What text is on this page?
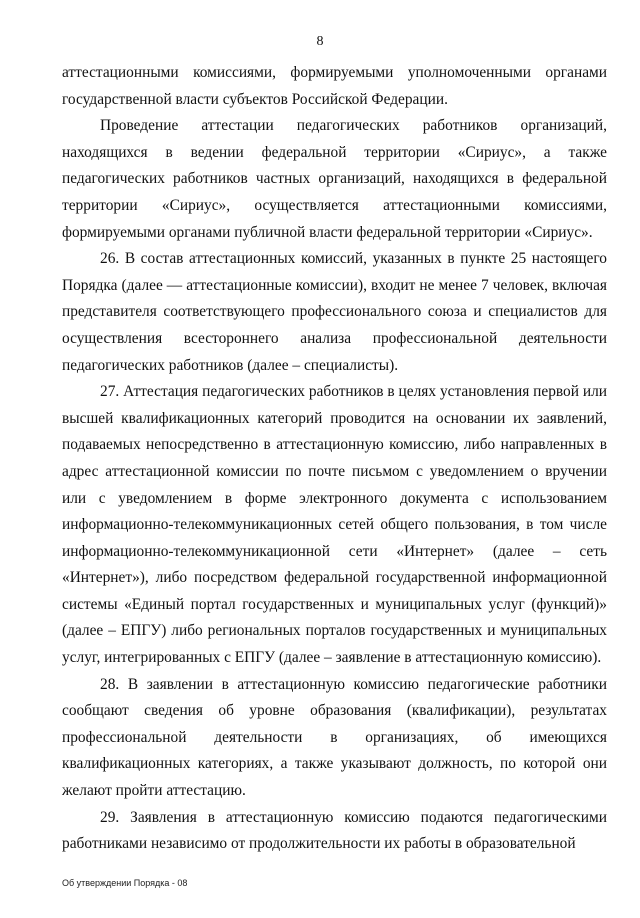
8

аттестационными комиссиями, формируемыми уполномоченными органами государственной власти субъектов Российской Федерации.

Проведение аттестации педагогических работников организаций, находящихся в ведении федеральной территории «Сириус», а также педагогических работников частных организаций, находящихся в федеральной территории «Сириус», осуществляется аттестационными комиссиями, формируемыми органами публичной власти федеральной территории «Сириус».

26. В состав аттестационных комиссий, указанных в пункте 25 настоящего Порядка (далее — аттестационные комиссии), входит не менее 7 человек, включая представителя соответствующего профессионального союза и специалистов для осуществления всестороннего анализа профессиональной деятельности педагогических работников (далее – специалисты).

27. Аттестация педагогических работников в целях установления первой или высшей квалификационных категорий проводится на основании их заявлений, подаваемых непосредственно в аттестационную комиссию, либо направленных в адрес аттестационной комиссии по почте письмом с уведомлением о вручении или с уведомлением в форме электронного документа с использованием информационно-телекоммуникационных сетей общего пользования, в том числе информационно-телекоммуникационной сети «Интернет» (далее – сеть «Интернет»), либо посредством федеральной государственной информационной системы «Единый портал государственных и муниципальных услуг (функций)» (далее – ЕПГУ) либо региональных порталов государственных и муниципальных услуг, интегрированных с ЕПГУ (далее – заявление в аттестационную комиссию).

28. В заявлении в аттестационную комиссию педагогические работники сообщают сведения об уровне образования (квалификации), результатах профессиональной деятельности в организациях, об имеющихся квалификационных категориях, а также указывают должность, по которой они желают пройти аттестацию.

29. Заявления в аттестационную комиссию подаются педагогическими работниками независимо от продолжительности их работы в образовательной

Об утверждении Порядка - 08
